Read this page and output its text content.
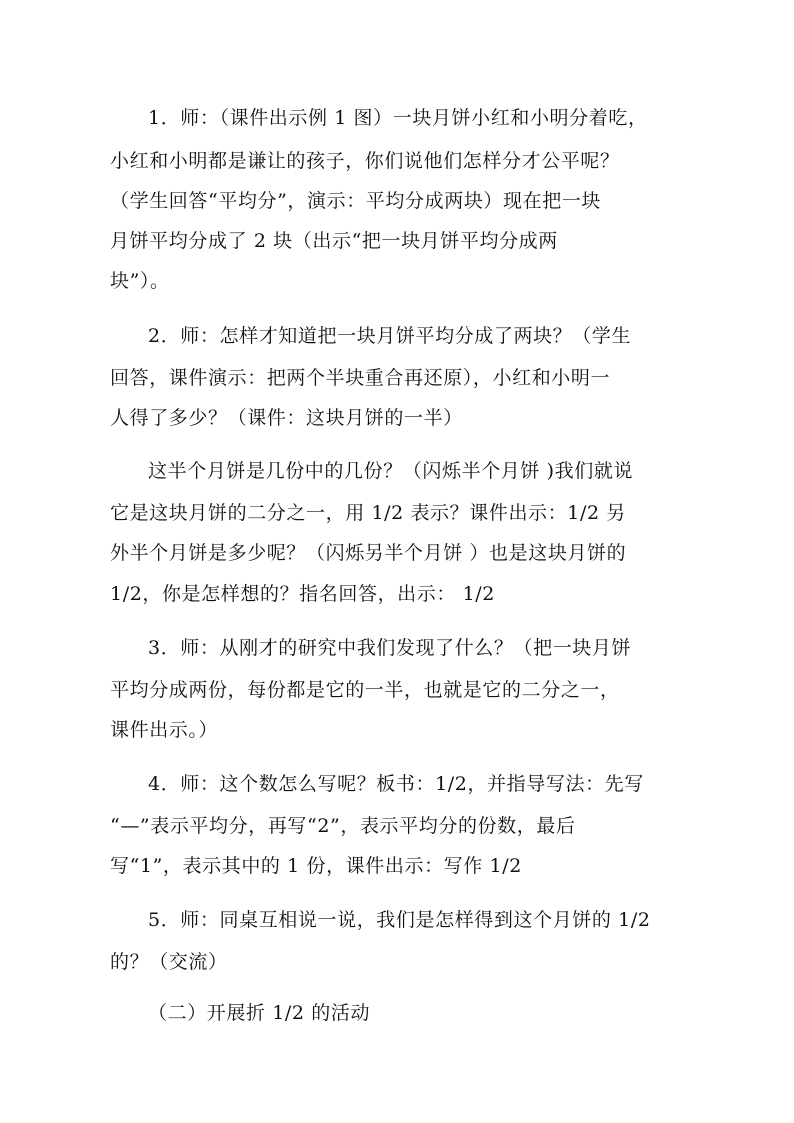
1．师：（课件出示例 1 图）一块月饼小红和小明分着吃，
小红和小明都是谦让的孩子，你们说他们怎样分才公平呢？
（学生回答“平均分”，演示：平均分成两块）现在把一块
月饼平均分成了 2 块（出示“把一块月饼平均分成两
块”）。
2．师：怎样才知道把一块月饼平均分成了两块？（学生
回答，课件演示：把两个半块重合再还原），小红和小明一
人得了多少？（课件：这块月饼的一半）
这半个月饼是几份中的几份？（闪烁半个月饼 )我们就说
它是这块月饼的二分之一，用 1/2 表示？课件出示：1/2 另
外半个月饼是多少呢？（闪烁另半个月饼 ）也是这块月饼的
1/2，你是怎样想的？指名回答，出示： 1/2
3．师：从刚才的研究中我们发现了什么？（把一块月饼
平均分成两份，每份都是它的一半，也就是它的二分之一，
课件出示。）
4．师：这个数怎么写呢？板书：1/2，并指导写法：先写
“—”表示平均分，再写“2”，表示平均分的份数，最后
写“1”，表示其中的 1 份，课件出示：写作 1/2
5．师：同桌互相说一说，我们是怎样得到这个月饼的 1/2
的？（交流）
（二）开展折 1/2 的活动
